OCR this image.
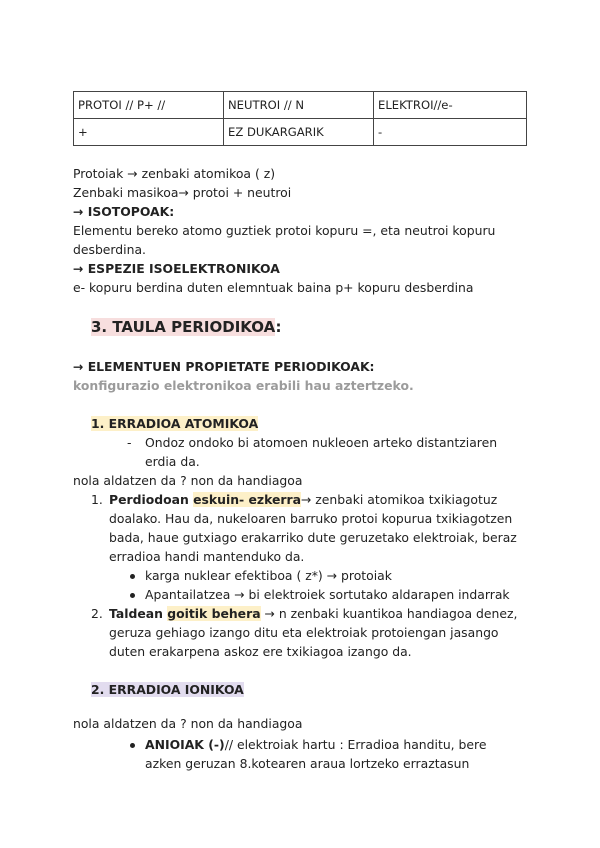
PROTOI // P+ //	NEUTROI // N	ELEKTROI//e-
+	EZ DUKARGARIK	-
Protoiak → zenbaki atomikoa ( z)
Zenbaki masikoa→ protoi + neutroi
→ ISOTOPOAK:
Elementu bereko atomo guztiek protoi kopuru =, eta neutroi kopuru
desberdina.
→ ESPEZIE ISOELEKTRONIKOA
e- kopuru berdina duten elemntuak baina p+ kopuru desberdina
3. TAULA PERIODIKOA:
→ ELEMENTUEN PROPIETATE PERIODIKOAK:
konfigurazio elektronikoa erabili hau aztertzeko.
1. ERRADIOA ATOMIKOA
- Ondoz ondoko bi atomoen nukleoen arteko distantziaren
erdia da.
nola aldatzen da ? non da handiagoa
1. Perdiodoan eskuin- ezkerra→ zenbaki atomikoa txikiagotuz
doalako. Hau da, nukeloaren barruko protoi kopurua txikiagotzen
bada, haue gutxiago erakarriko dute geruzetako elektroiak, beraz
erradioa handi mantenduko da.
karga nuklear efektiboa ( z*) → protoiak
Apantailatzea → bi elektroiek sortutako aldarapen indarrak
2. Taldean goitik behera → n zenbaki kuantikoa handiagoa denez,
geruza gehiago izango ditu eta elektroiak protoiengan jasango
duten erakarpena askoz ere txikiagoa izango da.
2. ERRADIOA IONIKOA
nola aldatzen da ? non da handiagoa
ANIOIAK (-)// elektroiak hartu : Erradioa handitu, bere
azken geruzan 8.kotearen araua lortzeko erraztasun
